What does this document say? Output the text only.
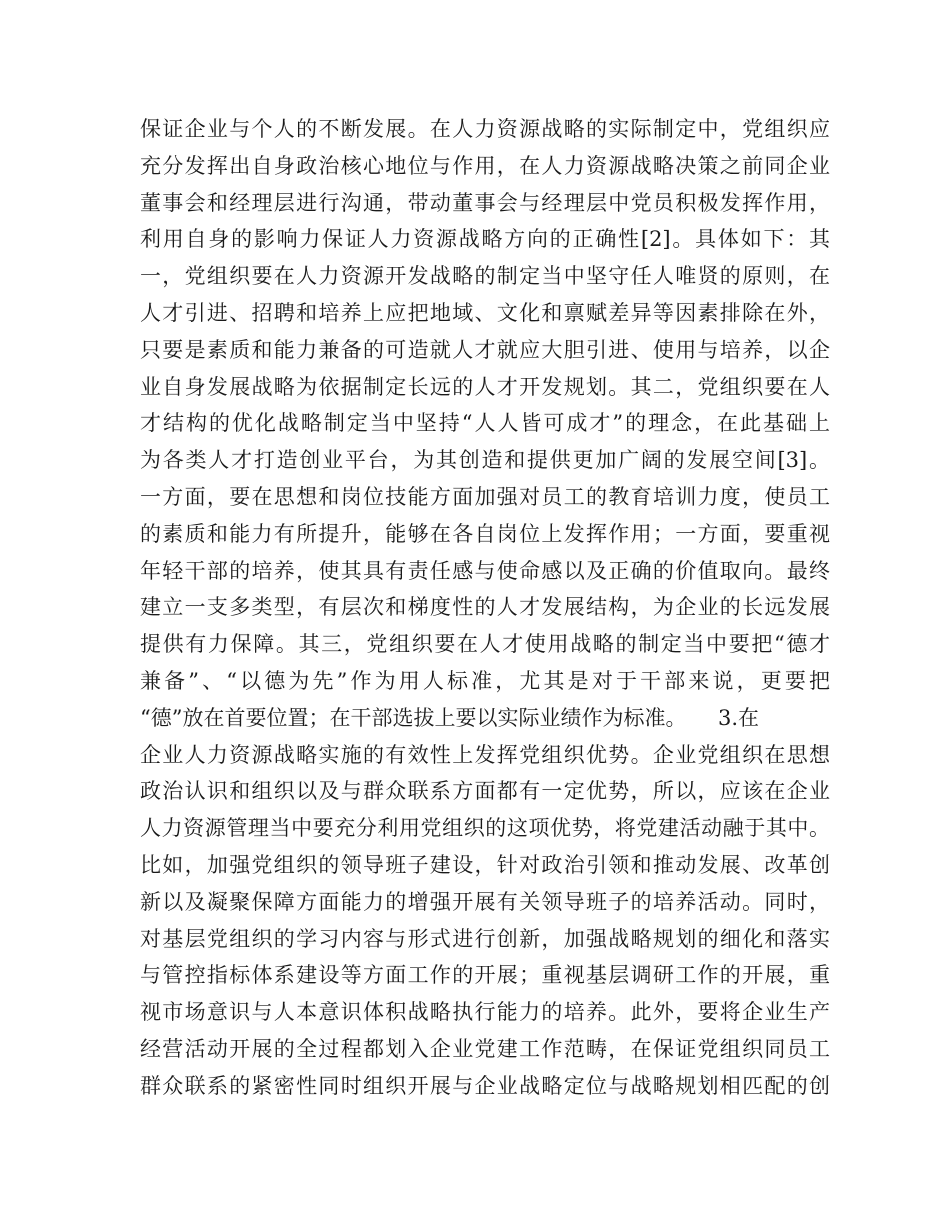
保证企业与个人的不断发展。在人力资源战略的实际制定中，党组织应
充分发挥出自身政治核心地位与作用，在人力资源战略决策之前同企业
董事会和经理层进行沟通，带动董事会与经理层中党员积极发挥作用，
利用自身的影响力保证人力资源战略方向的正确性[2]。具体如下：其
一，党组织要在人力资源开发战略的制定当中坚守任人唯贤的原则，在
人才引进、招聘和培养上应把地域、文化和禀赋差异等因素排除在外，
只要是素质和能力兼备的可造就人才就应大胆引进、使用与培养，以企
业自身发展战略为依据制定长远的人才开发规划。其二，党组织要在人
才结构的优化战略制定当中坚持“人人皆可成才”的理念，在此基础上
为各类人才打造创业平台，为其创造和提供更加广阔的发展空间[3]。
一方面，要在思想和岗位技能方面加强对员工的教育培训力度，使员工
的素质和能力有所提升，能够在各自岗位上发挥作用；一方面，要重视
年轻干部的培养，使其具有责任感与使命感以及正确的价值取向。最终
建立一支多类型，有层次和梯度性的人才发展结构，为企业的长远发展
提供有力保障。其三，党组织要在人才使用战略的制定当中要把“德才
兼备”、“以德为先”作为用人标准，尤其是对于干部来说，更要把
“德”放在首要位置；在干部选拔上要以实际业绩作为标准。　　3.在
企业人力资源战略实施的有效性上发挥党组织优势。企业党组织在思想
政治认识和组织以及与群众联系方面都有一定优势，所以，应该在企业
人力资源管理当中要充分利用党组织的这项优势，将党建活动融于其中。
比如，加强党组织的领导班子建设，针对政治引领和推动发展、改革创
新以及凝聚保障方面能力的增强开展有关领导班子的培养活动。同时，
对基层党组织的学习内容与形式进行创新，加强战略规划的细化和落实
与管控指标体系建设等方面工作的开展；重视基层调研工作的开展，重
视市场意识与人本意识体积战略执行能力的培养。此外，要将企业生产
经营活动开展的全过程都划入企业党建工作范畴，在保证党组织同员工
群众联系的紧密性同时组织开展与企业战略定位与战略规划相匹配的创
